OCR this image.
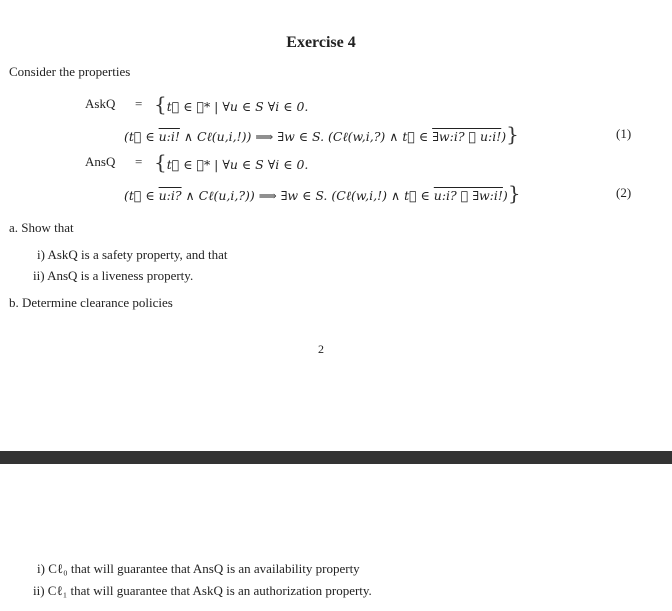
Exercise 4
Consider the properties
AskQ = {t⃗ ∈ ℰ* | ∀u ∈ S ∀i ∈ 0.
(t⃗ ∈ u:i! ∧ Cℓ(u,i,!)) ⟹ ∃w ∈ S. (Cℓ(w,i,?) ∧ t⃗ ∈ ∃w:i? ≺ u:i!)}	(1)
AnsQ = {t⃗ ∈ ℰ* | ∀u ∈ S ∀i ∈ 0.
(t⃗ ∈ u:i? ∧ Cℓ(u,i,?)) ⟹ ∃w ∈ S. (Cℓ(w,i,!) ∧ t⃗ ∈ u:i? ≺ ∃w:i!)}	(2)
a. Show that
i) AskQ is a safety property, and that
ii) AnsQ is a liveness property.
b. Determine clearance policies
2
i) Cℓ₀ that will guarantee that AnsQ is an availability property
ii) Cℓ₁ that will guarantee that AskQ is an authorization property.
